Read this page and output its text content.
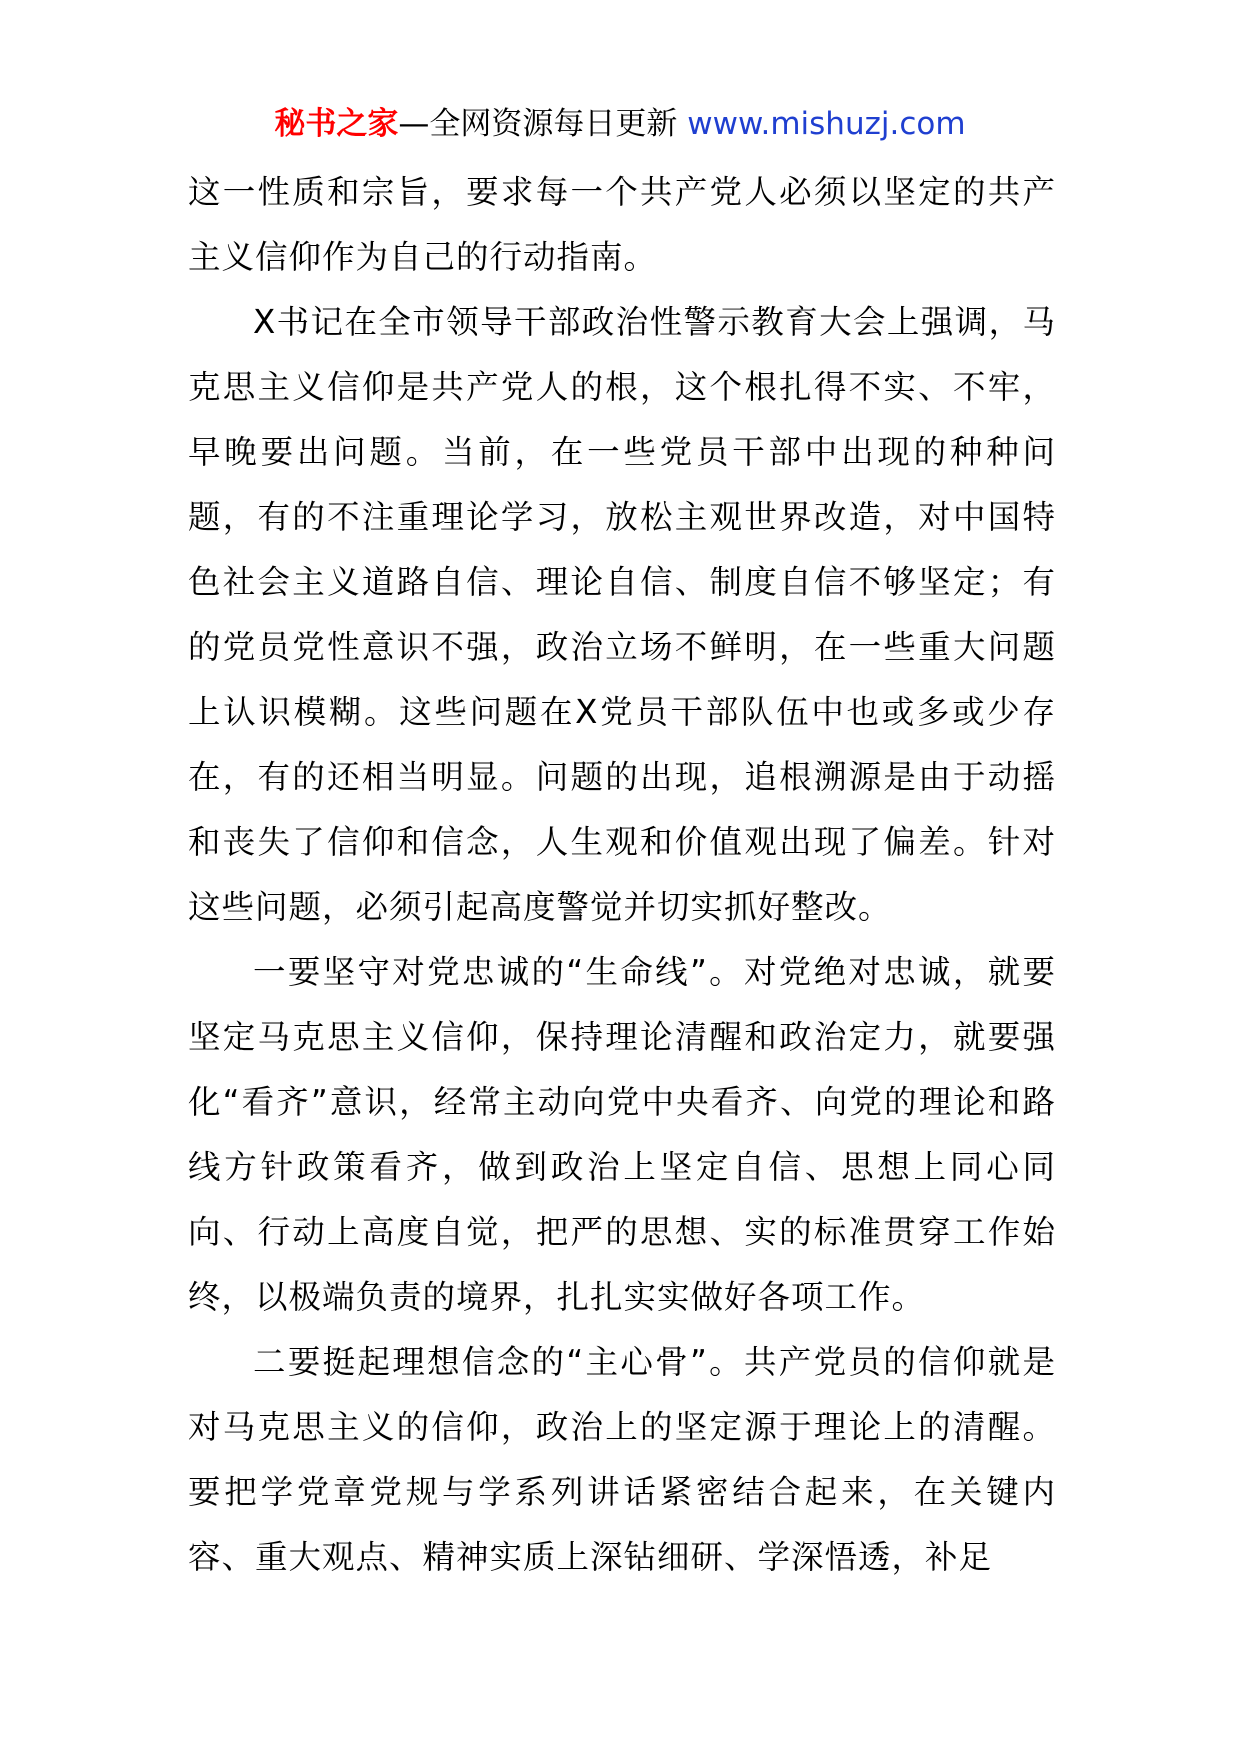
秘书之家—全网资源每日更新 www.mishuzj.com

这一性质和宗旨，要求每一个共产党人必须以坚定的共产主义信仰作为自己的行动指南。

X书记在全市领导干部政治性警示教育大会上强调，马克思主义信仰是共产党人的根，这个根扎得不实、不牢，早晚要出问题。当前，在一些党员干部中出现的种种问题，有的不注重理论学习，放松主观世界改造，对中国特色社会主义道路自信、理论自信、制度自信不够坚定；有的党员党性意识不强，政治立场不鲜明，在一些重大问题上认识模糊。这些问题在X党员干部队伍中也或多或少存在，有的还相当明显。问题的出现，追根溯源是由于动摇和丧失了信仰和信念，人生观和价值观出现了偏差。针对这些问题，必须引起高度警觉并切实抓好整改。

一要坚守对党忠诚的“生命线”。对党绝对忠诚，就要坚定马克思主义信仰，保持理论清醒和政治定力，就要强化“看齐”意识，经常主动向党中央看齐、向党的理论和路线方针政策看齐，做到政治上坚定自信、思想上同心同向、行动上高度自觉，把严的思想、实的标准贯穿工作始终，以极端负责的境界，扎扎实实做好各项工作。

二要挺起理想信念的“主心骨”。共产党员的信仰就是对马克思主义的信仰，政治上的坚定源于理论上的清醒。要把学党章党规与学系列讲话紧密结合起来，在关键内容、重大观点、精神实质上深钻细研、学深悟透，补足
